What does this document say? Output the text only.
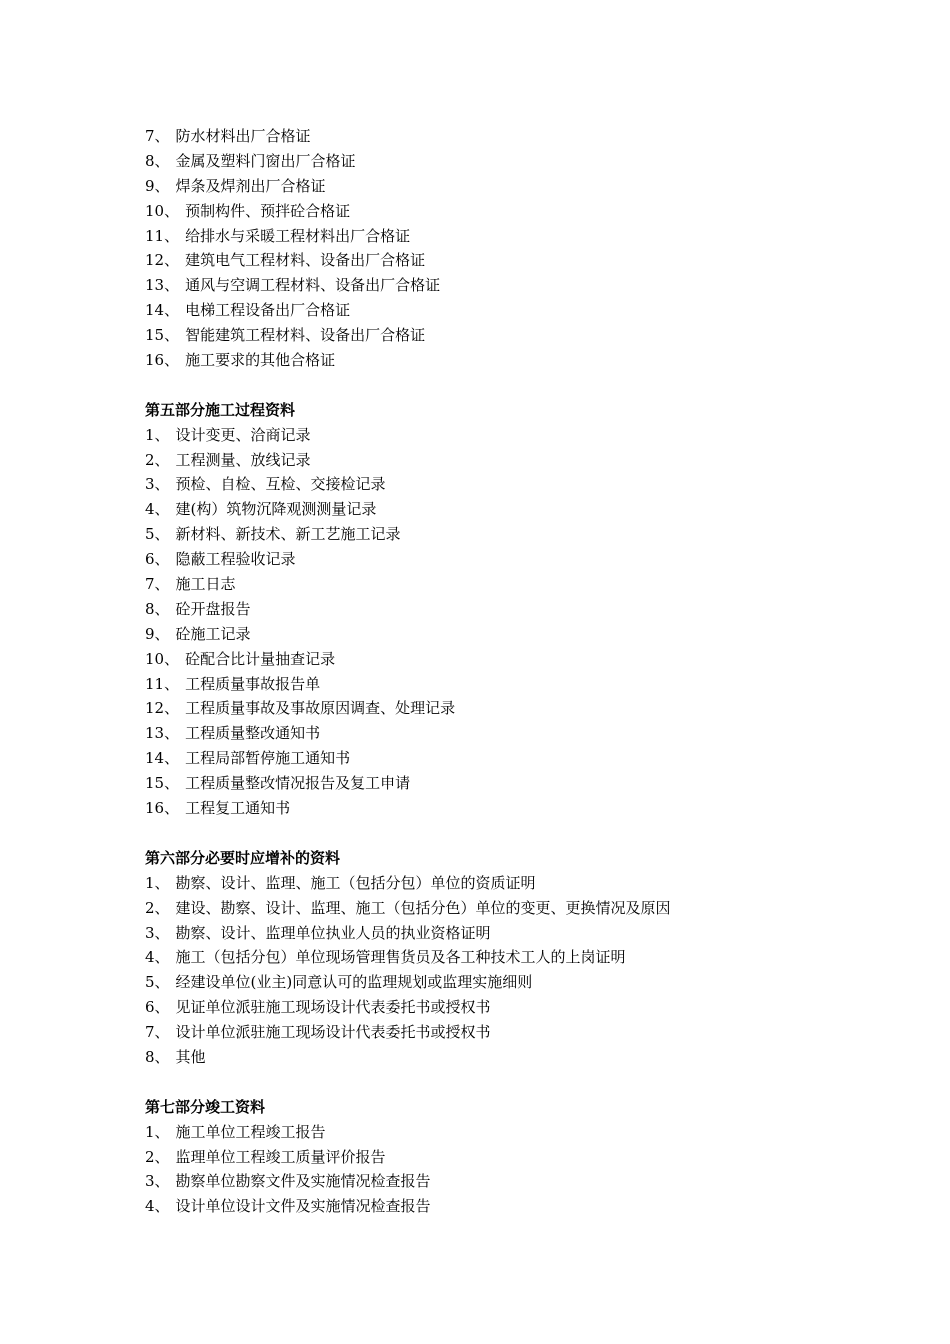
7、 防水材料出厂合格证
8、 金属及塑料门窗出厂合格证
9、 焊条及焊剂出厂合格证
10、 预制构件、预拌砼合格证
11、 给排水与采暖工程材料出厂合格证
12、 建筑电气工程材料、设备出厂合格证
13、 通风与空调工程材料、设备出厂合格证
14、 电梯工程设备出厂合格证
15、 智能建筑工程材料、设备出厂合格证
16、 施工要求的其他合格证
第五部分施工过程资料
1、 设计变更、洽商记录
2、 工程测量、放线记录
3、 预检、自检、互检、交接检记录
4、 建(构）筑物沉降观测测量记录
5、 新材料、新技术、新工艺施工记录
6、 隐蔽工程验收记录
7、 施工日志
8、 砼开盘报告
9、 砼施工记录
10、 砼配合比计量抽查记录
11、 工程质量事故报告单
12、 工程质量事故及事故原因调查、处理记录
13、 工程质量整改通知书
14、 工程局部暂停施工通知书
15、 工程质量整改情况报告及复工申请
16、 工程复工通知书
第六部分必要时应增补的资料
1、 勘察、设计、监理、施工（包括分包）单位的资质证明
2、 建设、勘察、设计、监理、施工（包括分色）单位的变更、更换情况及原因
3、 勘察、设计、监理单位执业人员的执业资格证明
4、 施工（包括分包）单位现场管理售货员及各工种技术工人的上岗证明
5、 经建设单位(业主)同意认可的监理规划或监理实施细则
6、 见证单位派驻施工现场设计代表委托书或授权书
7、 设计单位派驻施工现场设计代表委托书或授权书
8、 其他
第七部分竣工资料
1、 施工单位工程竣工报告
2、 监理单位工程竣工质量评价报告
3、 勘察单位勘察文件及实施情况检查报告
4、 设计单位设计文件及实施情况检查报告
